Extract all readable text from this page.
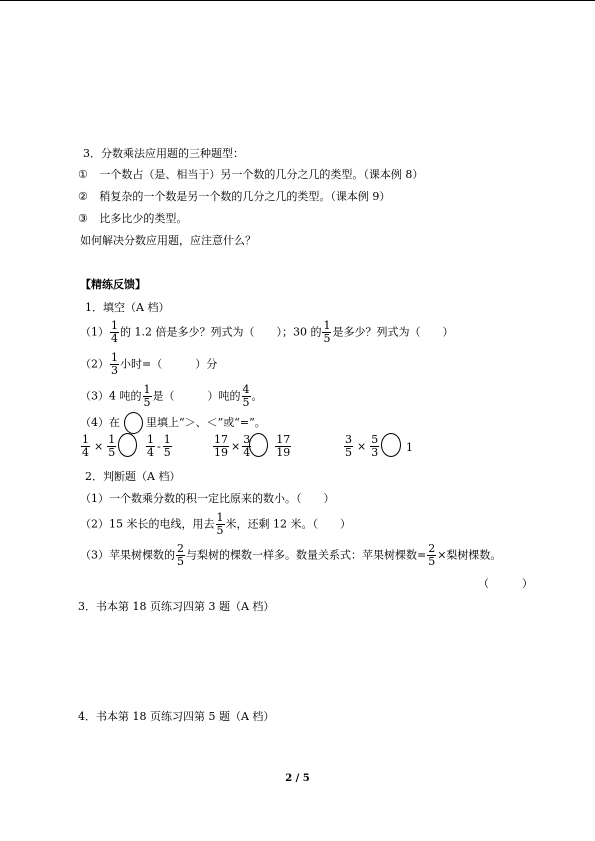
3．分数乘法应用题的三种题型：
① 一个数占（是、相当于）另一个数的几分之几的类型。（课本例 8）
② 稍复杂的一个数是另一个数的几分之几的类型。（课本例 9）
③ 比多比少的类型。
如何解决分数应用题，应注意什么？
【精练反馈】
1．填空（A 档）
$(1) \frac{1}{4}$ 的 1.2 倍是多少？列式为（　　）；30 的 $\frac{1}{5}$ 是多少？列式为（　　）
$(2) \frac{1}{3}$ 小时=（　　　）分
（3）4 吨的 $\frac{1}{5}$ 是（　　　）吨的 $\frac{4}{5}$ 。
（4）在 里填上“＞、＜”或“=”。
$\frac{1}{4} \times \frac{1}{5}$	$\frac{1}{4} - \frac{1}{5}$	$\frac{17}{19} \times \frac{3}{4} \frac{17}{19}$	$\frac{3}{5} \times \frac{5}{3} 1$
2．判断题（A 档）
（1）一个数乘分数的积一定比原来的数小。（　　）
（2）15 米长的电线，用去 $\frac{1}{5}$ 米，还剩 12 米。（　　）
（3）苹果树棵数的 $\frac{2}{5}$ 与梨树的棵数一样多。数量关系式：苹果树棵数= $\frac{2}{5}$ ×梨树棵数。
（　　　）
3．书本第 18 页练习四第 3 题（A 档）
4．书本第 18 页练习四第 5 题（A 档）
2 / 5
